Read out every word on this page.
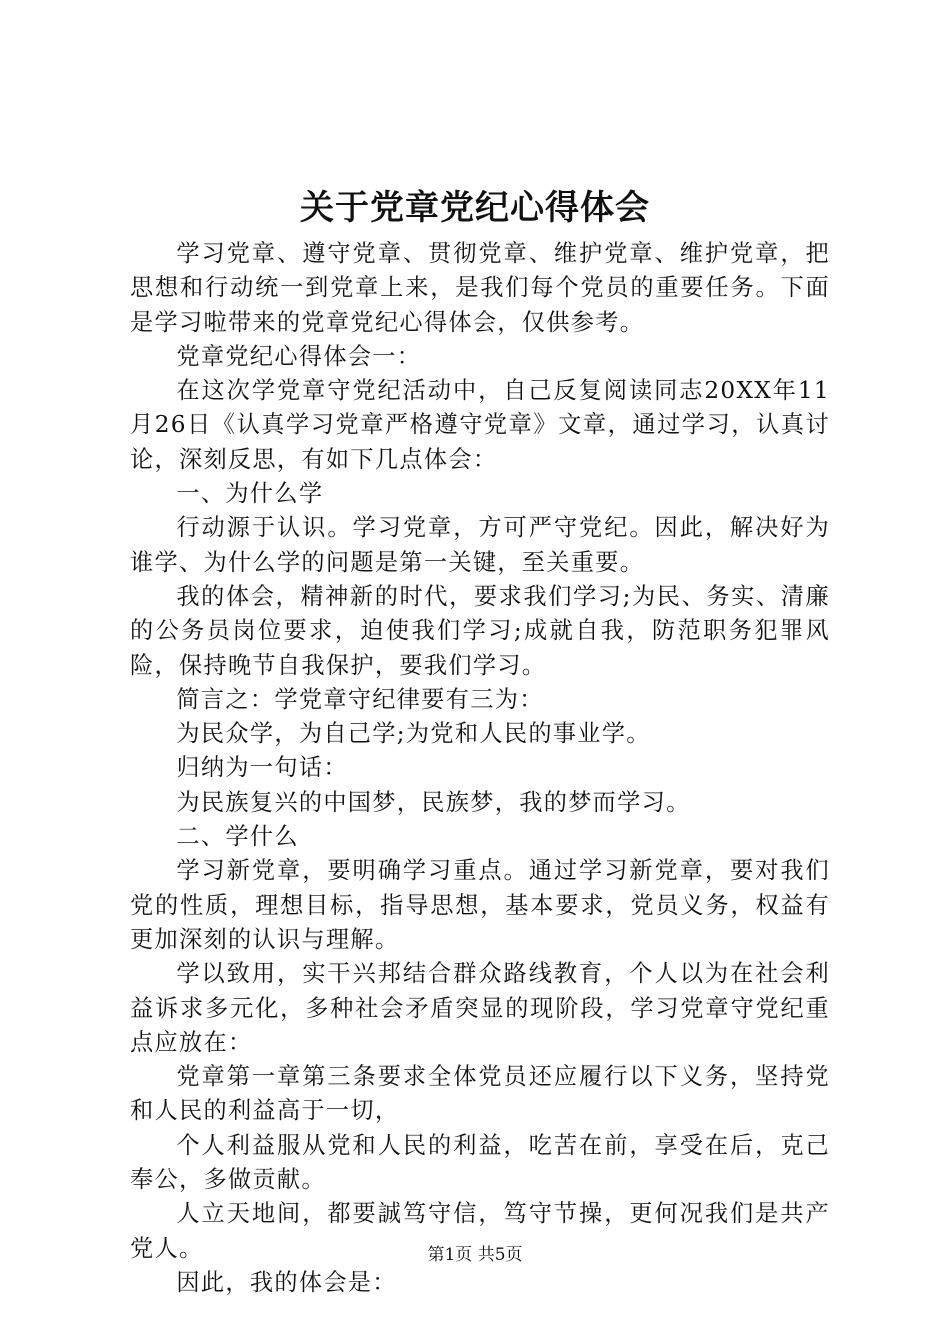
关于党章党纪心得体会

学习党章、遵守党章、贯彻党章、维护党章、维护党章，把思想和行动统一到党章上来，是我们每个党员的重要任务。下面是学习啦带来的党章党纪心得体会，仅供参考。

党章党纪心得体会一：

在这次学党章守党纪活动中，自己反复阅读同志20XX年11月26日《认真学习党章严格遵守党章》文章，通过学习，认真讨论，深刻反思，有如下几点体会：

一、为什么学

行动源于认识。学习党章，方可严守党纪。因此，解决好为谁学、为什么学的问题是第一关键，至关重要。

我的体会，精神新的时代，要求我们学习;为民、务实、清廉的公务员岗位要求，迫使我们学习;成就自我，防范职务犯罪风险，保持晚节自我保护，要我们学习。

简言之：学党章守纪律要有三为：

为民众学，为自己学;为党和人民的事业学。

归纳为一句话：

为民族复兴的中国梦，民族梦，我的梦而学习。

二、学什么

学习新党章，要明确学习重点。通过学习新党章，要对我们党的性质，理想目标，指导思想，基本要求，党员义务，权益有更加深刻的认识与理解。

学以致用，实干兴邦结合群众路线教育，个人以为在社会利益诉求多元化，多种社会矛盾突显的现阶段，学习党章守党纪重点应放在：

党章第一章第三条要求全体党员还应履行以下义务，坚持党和人民的利益高于一切，

个人利益服从党和人民的利益，吃苦在前，享受在后，克己奉公，多做贡献。

人立天地间，都要誠笃守信，笃守节操，更何况我们是共产党人。

因此，我的体会是：

第1页 共5页
